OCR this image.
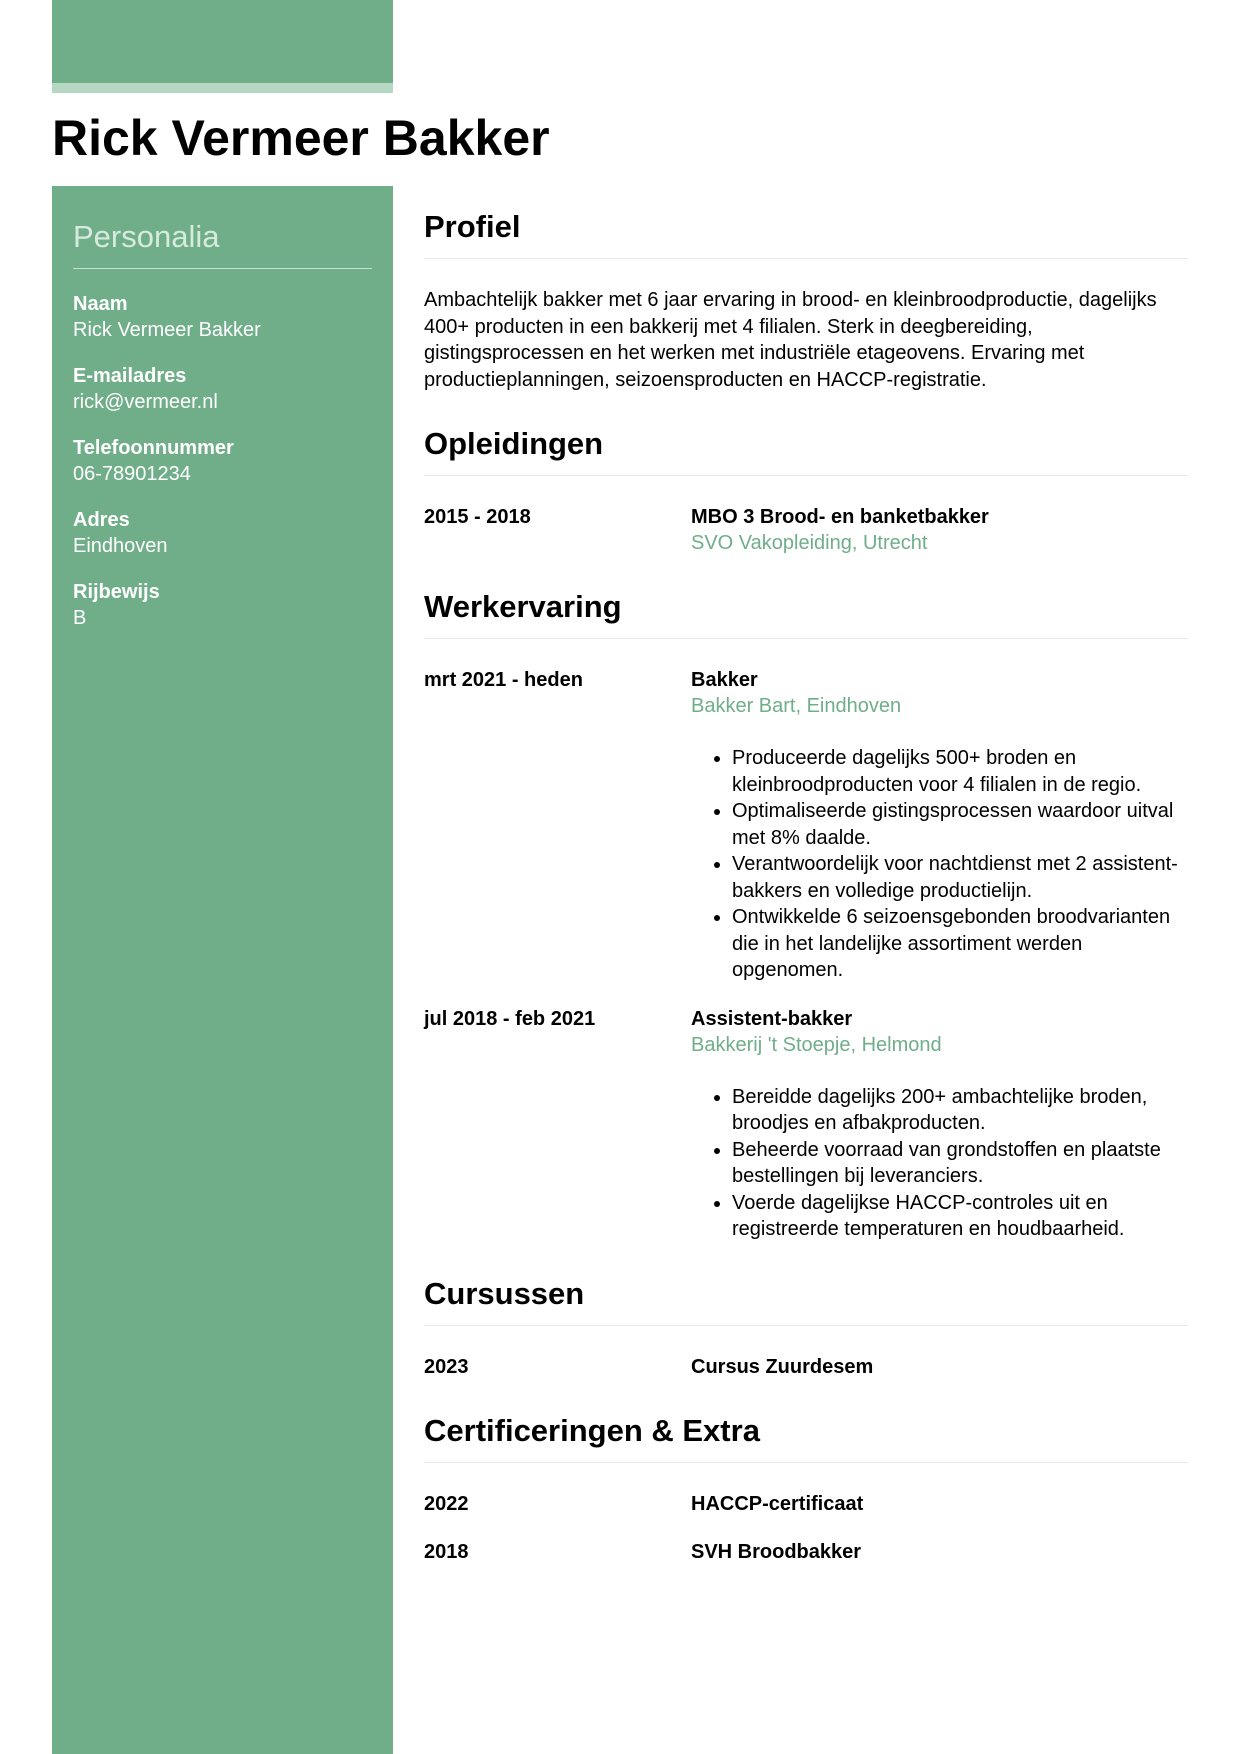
Rick Vermeer Bakker
Personalia
Naam
Rick Vermeer Bakker
E-mailadres
rick@vermeer.nl
Telefoonnummer
06-78901234
Adres
Eindhoven
Rijbewijs
B
Profiel

Ambachtelijk bakker met 6 jaar ervaring in brood- en kleinbroodproductie, dagelijks 400+ producten in een bakkerij met 4 filialen. Sterk in deegbereiding, gistingsprocessen en het werken met industriële etageovens. Ervaring met productieplanningen, seizoensproducten en HACCP-registratie.

Opleidingen
2015 - 2018	MBO 3 Brood- en banketbakker
SVO Vakopleiding, Utrecht
Werkervaring
mrt 2021 - heden	Bakker
Bakker Bart, Eindhoven
• Produceerde dagelijks 500+ broden en kleinbroodproducten voor 4 filialen in de regio.
• Optimaliseerde gistingsprocessen waardoor uitval met 8% daalde.
• Verantwoordelijk voor nachtdienst met 2 assistent-bakkers en volledige productielijn.
• Ontwikkelde 6 seizoensgebonden broodvarianten die in het landelijke assortiment werden opgenomen.
jul 2018 - feb 2021	Assistent-bakker
Bakkerij 't Stoepje, Helmond
• Bereidde dagelijks 200+ ambachtelijke broden, broodjes en afbakproducten.
• Beheerde voorraad van grondstoffen en plaatste bestellingen bij leveranciers.
• Voerde dagelijkse HACCP-controles uit en registreerde temperaturen en houdbaarheid.
Cursussen
2023	Cursus Zuurdesem
Certificeringen & Extra
2022	HACCP-certificaat
2018	SVH Broodbakker
